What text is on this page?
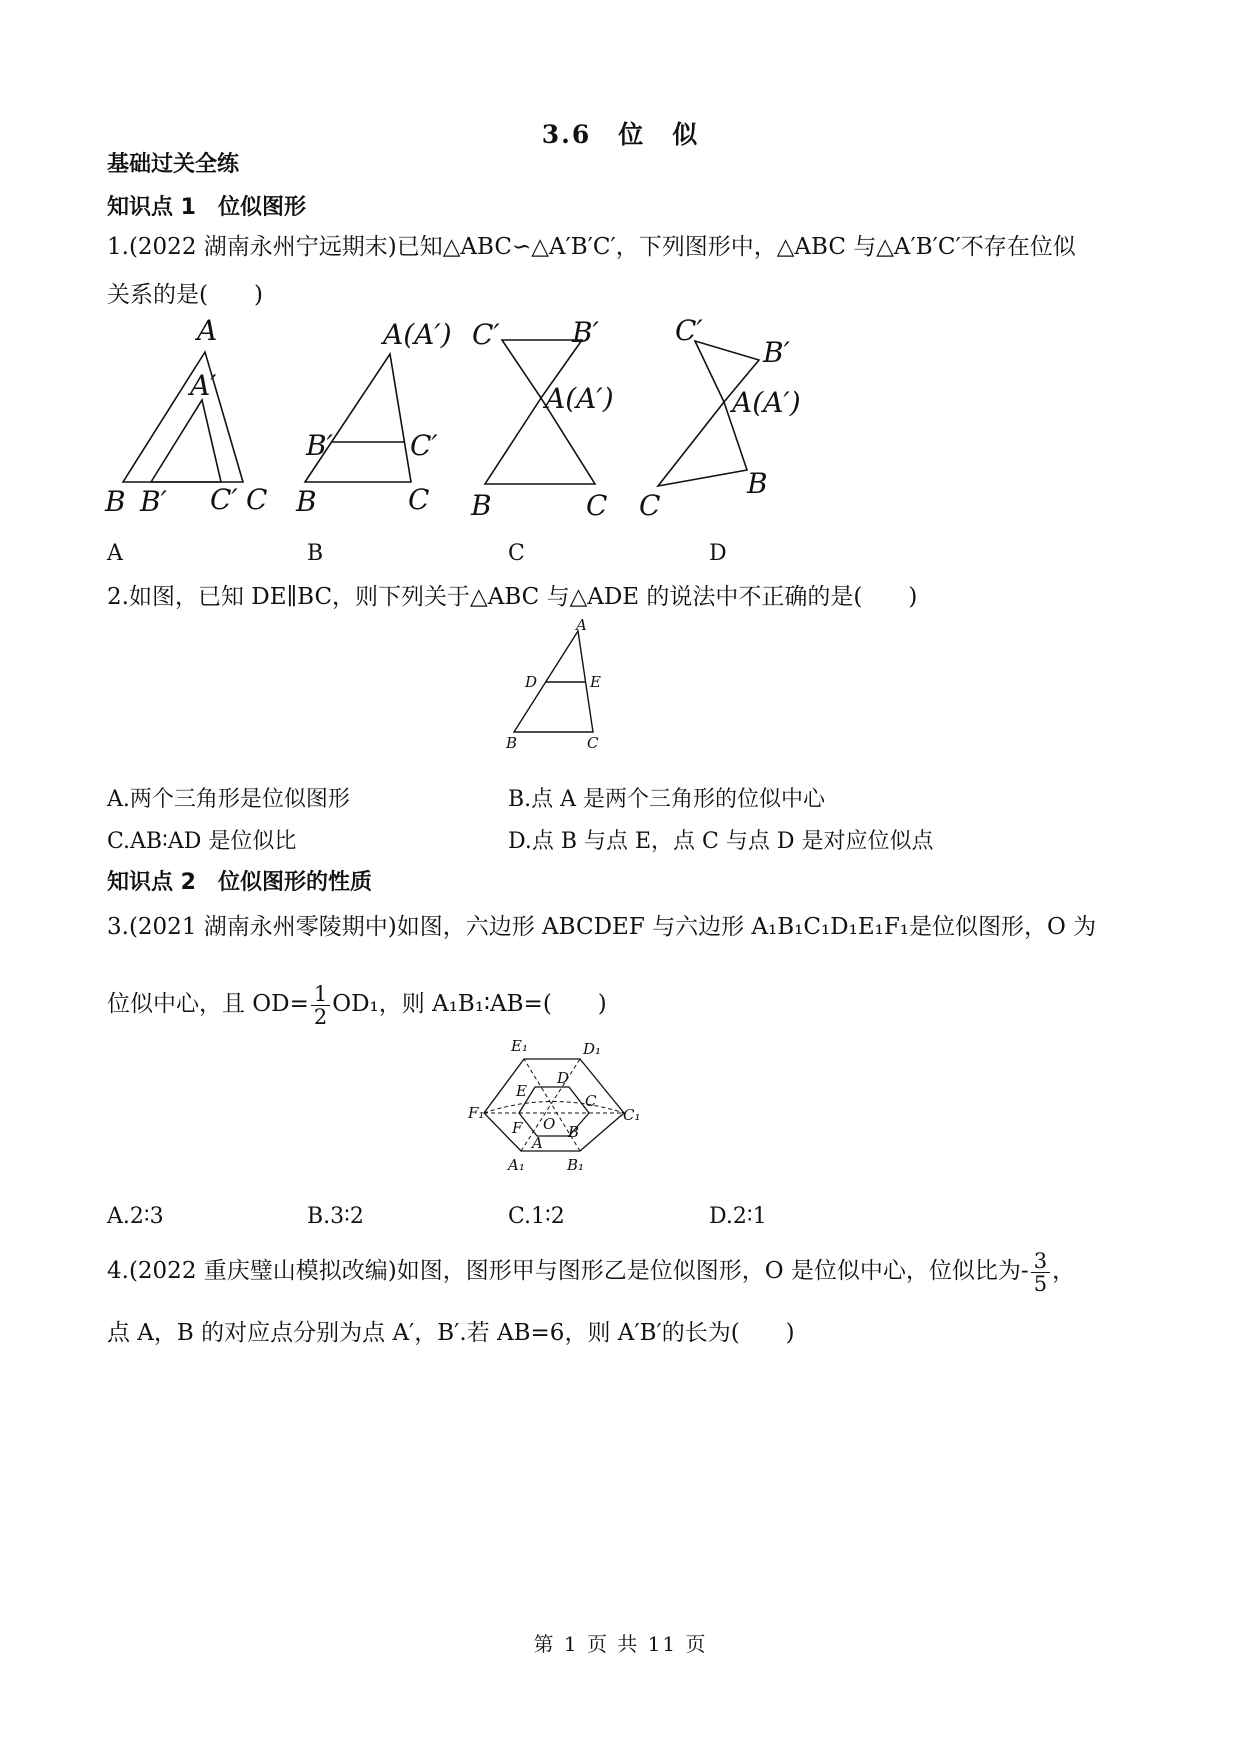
3.6　位　似
基础过关全练
知识点 1　位似图形
1.(2022 湖南永州宁远期末)已知△ABC∽△A′B′C′，下列图形中，△ABC 与△A′B′C′不存在位似
关系的是(　　)
A
A′
B B′ C′ C
A(A′)
B′	C′
B	C
C′	B′
A(A′)
B	C
C′
B′
A(A′)
B
C
A	B	C	D
2.如图，已知 DE∥BC，则下列关于△ABC 与△ADE 的说法中不正确的是(　　)
A
D	E
B	C
A.两个三角形是位似图形	B.点 A 是两个三角形的位似中心
C.AB∶AD 是位似比	D.点 B 与点 E，点 C 与点 D 是对应位似点
知识点 2　位似图形的性质
3.(2021 湖南永州零陵期中)如图，六边形 ABCDEF 与六边形 A₁B₁C₁D₁E₁F₁是位似图形，O 为
位似中心，且 $OD= \frac{1}{2} OD_1$，则 A₁B₁∶AB=(　　)
E₁	D₁
F₁	C₁
A₁	B₁
E
D
F
C
A
B
O
A.2∶3	B.3∶2	C.1∶2	D.2∶1
4.(2022 重庆璧山模拟改编)如图，图形甲与图形乙是位似图形，O 是位似中心，位似比为- $\frac{3}{5}$ ，
点 A，B 的对应点分别为点 A′，B′.若 AB=6，则 A′B′的长为(　　)
第 1 页 共 11 页
